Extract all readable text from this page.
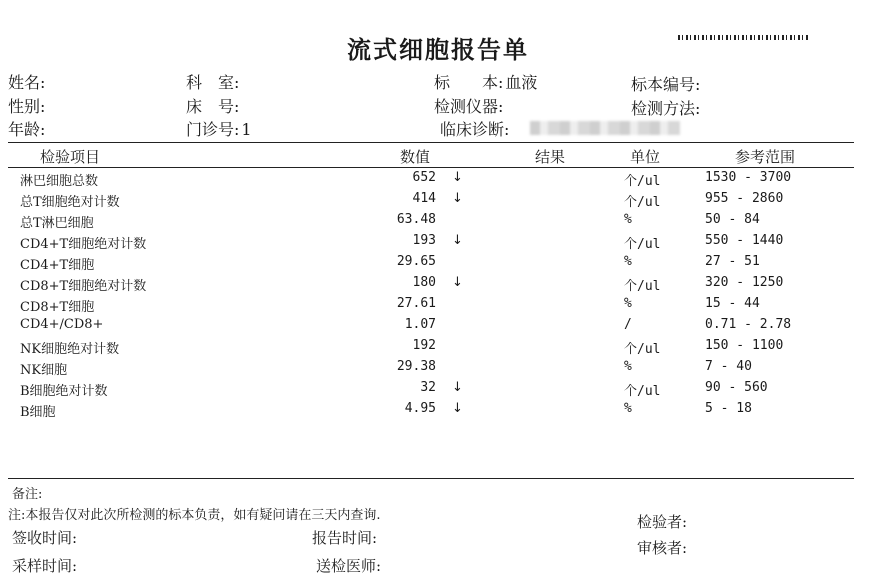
流式细胞报告单
姓名:
性别:
年龄:
科　室:
床　号:
门诊号: 1
标　　本: 血液
检测仪器:
临床诊断:
标本编号:
检测方法:
检验项目	数值	结果	单位	参考范围
淋巴细胞总数	652 ↓	个/ul	1530 - 3700
总T细胞绝对计数	414 ↓	个/ul	955 - 2860
总T淋巴细胞	63.48	%	50 - 84
CD4+T细胞绝对计数	193 ↓	个/ul	550 - 1440
CD4+T细胞	29.65	%	27 - 51
CD8+T细胞绝对计数	180 ↓	个/ul	320 - 1250
CD8+T细胞	27.61	%	15 - 44
CD4+/CD8+	1.07	/	0.71 - 2.78
NK细胞绝对计数	192	个/ul	150 - 1100
NK细胞	29.38	%	7 - 40
B细胞绝对计数	32 ↓	个/ul	90 - 560
B细胞	4.95 ↓	%	5 - 18
备注:
注:本报告仅对此次所检测的标本负责，如有疑问请在三天内查询.
签收时间:	报告时间:
采样时间:	送检医师:
检验者:
审核者:
